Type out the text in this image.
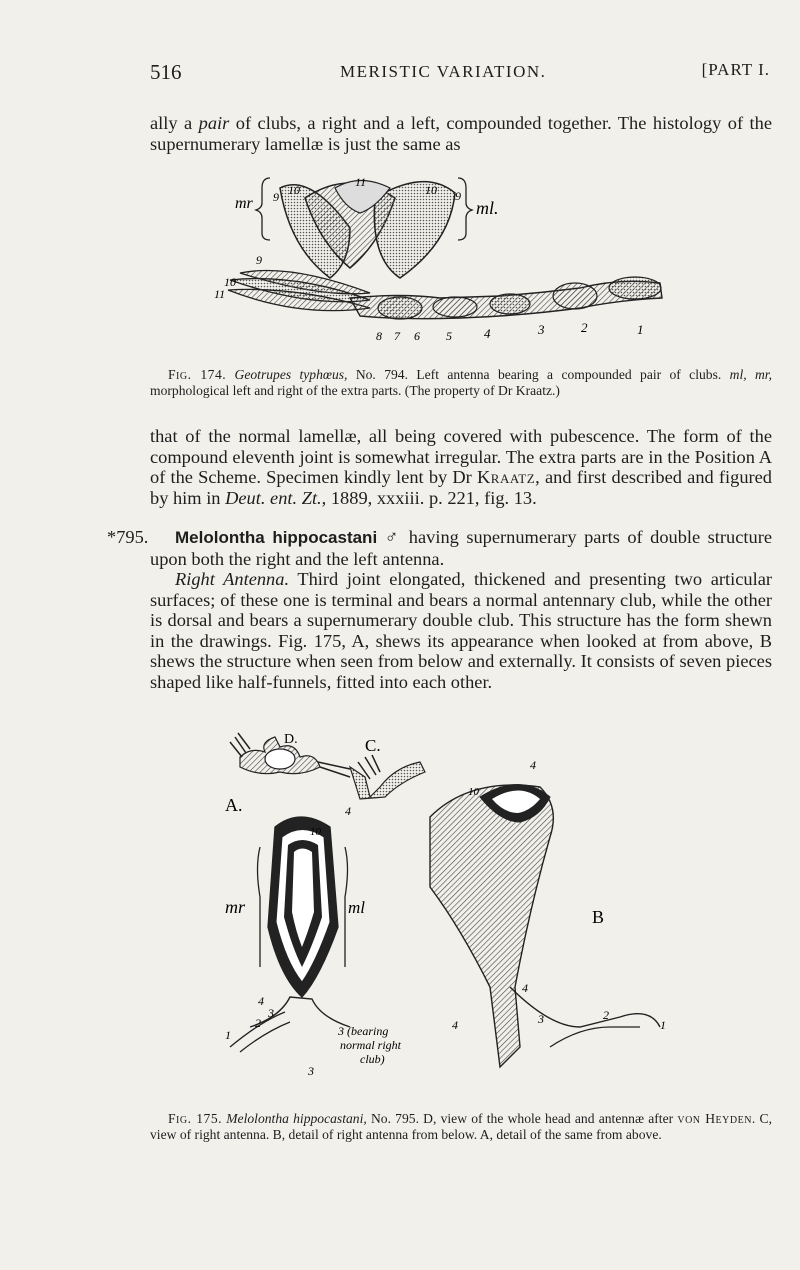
516	MERISTIC VARIATION.	[PART I.

ally a pair of clubs, a right and a left, compounded together. The histology of the supernumerary lamellæ is just the same as

mr	ml.
9 10
11
10 9
9
10
11
8 7 6 5 4	3	2	1

Fig. 174. Geotrupes typhœus, No. 794. Left antenna bearing a compounded pair of clubs. ml, mr, morphological left and right of the extra parts. (The property of Dr Kraatz.)

that of the normal lamellæ, all being covered with pubescence. The form of the compound eleventh joint is somewhat irregular. The extra parts are in the Position A of the Scheme. Specimen kindly lent by Dr Kraatz, and first described and figured by him in Deut. ent. Zt., 1889, xxxiii. p. 221, fig. 13.

*795.	Melolontha hippocastani ♂ having supernumerary parts of double structure upon both the right and the left antenna.

Right Antenna. Third joint elongated, thickened and presenting two articular surfaces; of these one is terminal and bears a normal antennary club, while the other is dorsal and bears a supernumerary double club. This structure has the form shewn in the drawings. Fig. 175, A, shews its appearance when looked at from above, B shews the structure when seen from below and externally. It consists of seven pieces shaped like half-funnels, fitted into each other.

D.	C.
A.
mr	ml
10
4
4
3
1
2
3
3 (bearing
normal right
club)
B
10
4
4
4
3	2
1

Fig. 175. Melolontha hippocastani, No. 795. D, view of the whole head and antennæ after von Heyden. C, view of right antenna. B, detail of right antenna from below. A, detail of the same from above.
